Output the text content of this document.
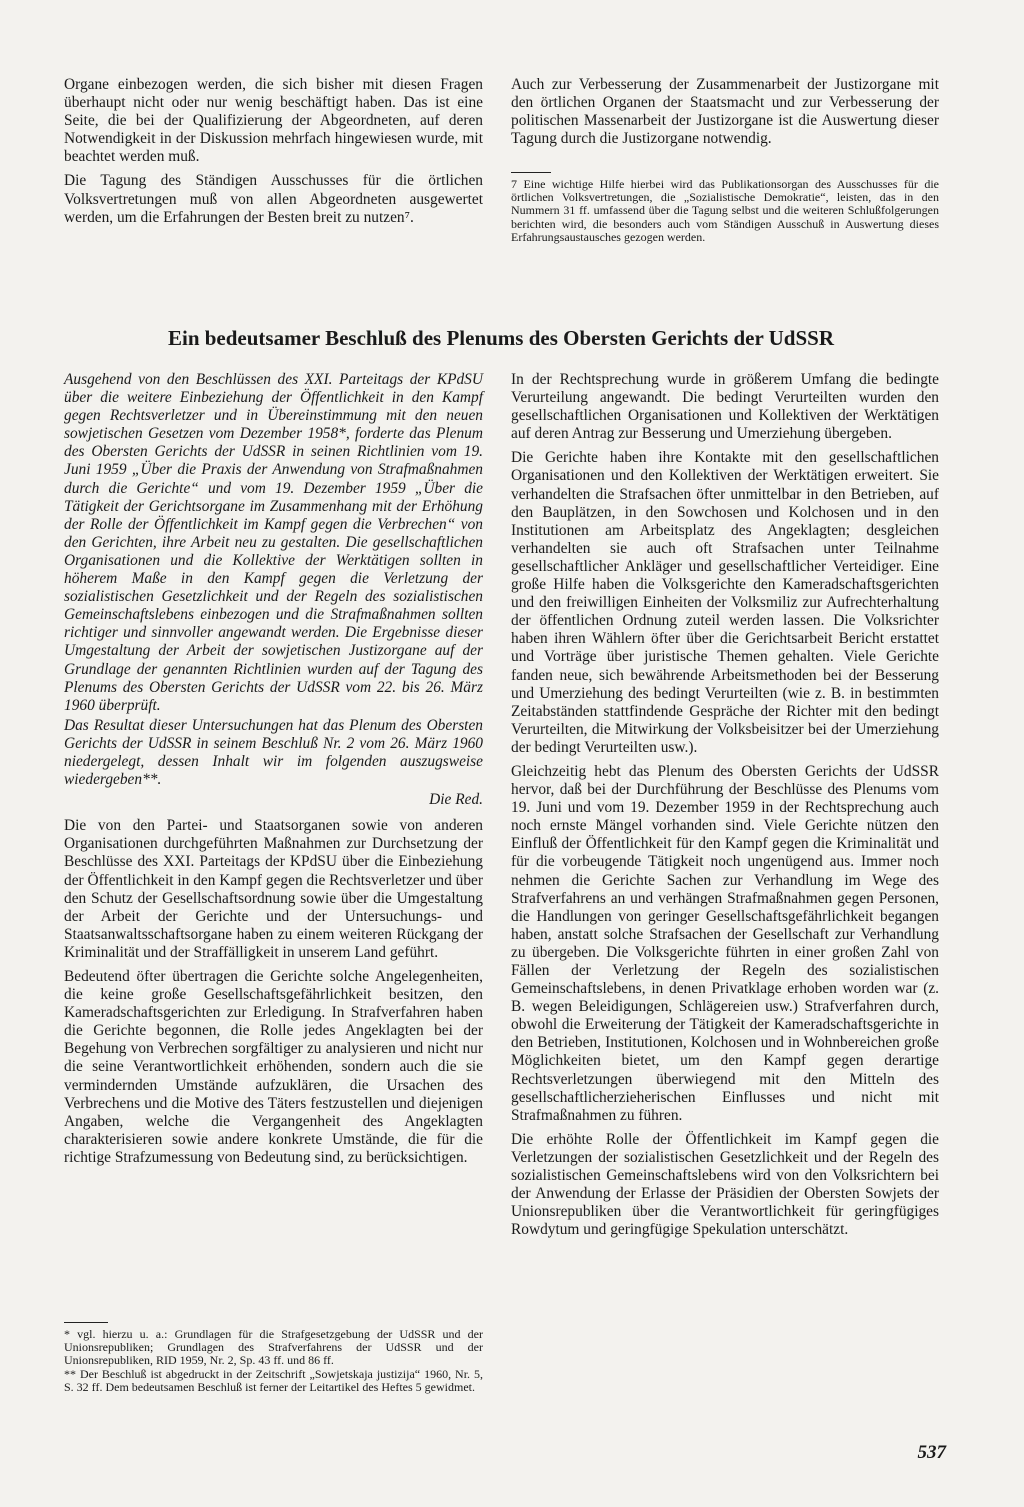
Organe einbezogen werden, die sich bisher mit diesen Fragen überhaupt nicht oder nur wenig beschäftigt haben. Das ist eine Seite, die bei der Qualifizierung der Abgeordneten, auf deren Notwendigkeit in der Diskussion mehrfach hingewiesen wurde, mit beachtet werden muß.

Die Tagung des Ständigen Ausschusses für die örtlichen Volksvertretungen muß von allen Abgeordneten ausgewertet werden, um die Erfahrungen der Besten breit zu nutzen⁷.

Auch zur Verbesserung der Zusammenarbeit der Justizorgane mit den örtlichen Organen der Staatsmacht und zur Verbesserung der politischen Massenarbeit der Justizorgane ist die Auswertung dieser Tagung durch die Justizorgane notwendig.

7 Eine wichtige Hilfe hierbei wird das Publikationsorgan des Ausschusses für die örtlichen Volksvertretungen, die „Sozialistische Demokratie“, leisten, das in den Nummern 31 ff. umfassend über die Tagung selbst und die weiteren Schlußfolgerungen berichten wird, die besonders auch vom Ständigen Ausschuß in Auswertung dieses Erfahrungsaustausches gezogen werden.

Ein bedeutsamer Beschluß des Plenums des Obersten Gerichts der UdSSR

Ausgehend von den Beschlüssen des XXI. Parteitags der KPdSU über die weitere Einbeziehung der Öffentlichkeit in den Kampf gegen Rechtsverletzer und in Übereinstimmung mit den neuen sowjetischen Gesetzen vom Dezember 1958*, forderte das Plenum des Obersten Gerichts der UdSSR in seinen Richtlinien vom 19. Juni 1959 „Über die Praxis der Anwendung von Strafmaßnahmen durch die Gerichte“ und vom 19. Dezember 1959 „Über die Tätigkeit der Gerichtsorgane im Zusammenhang mit der Erhöhung der Rolle der Öffentlichkeit im Kampf gegen die Verbrechen“ von den Gerichten, ihre Arbeit neu zu gestalten. Die gesellschaftlichen Organisationen und die Kollektive der Werktätigen sollten in höherem Maße in den Kampf gegen die Verletzung der sozialistischen Gesetzlichkeit und der Regeln des sozialistischen Gemeinschaftslebens einbezogen und die Strafmaßnahmen sollten richtiger und sinnvoller angewandt werden. Die Ergebnisse dieser Umgestaltung der Arbeit der sowjetischen Justizorgane auf der Grundlage der genannten Richtlinien wurden auf der Tagung des Plenums des Obersten Gerichts der UdSSR vom 22. bis 26. März 1960 überprüft.

Das Resultat dieser Untersuchungen hat das Plenum des Obersten Gerichts der UdSSR in seinem Beschluß Nr. 2 vom 26. März 1960 niedergelegt, dessen Inhalt wir im folgenden auszugsweise wiedergeben**.

Die Red.

Die von den Partei- und Staatsorganen sowie von anderen Organisationen durchgeführten Maßnahmen zur Durchsetzung der Beschlüsse des XXI. Parteitags der KPdSU über die Einbeziehung der Öffentlichkeit in den Kampf gegen die Rechtsverletzer und über den Schutz der Gesellschaftsordnung sowie über die Umgestaltung der Arbeit der Gerichte und der Untersuchungs- und Staatsanwaltsschaftsorgane haben zu einem weiteren Rückgang der Kriminalität und der Straffälligkeit in unserem Land geführt.

Bedeutend öfter übertragen die Gerichte solche Angelegenheiten, die keine große Gesellschaftsgefährlichkeit besitzen, den Kameradschaftsgerichten zur Erledigung. In Strafverfahren haben die Gerichte begonnen, die Rolle jedes Angeklagten bei der Begehung von Verbrechen sorgfältiger zu analysieren und nicht nur die seine Verantwortlichkeit erhöhenden, sondern auch die sie vermindernden Umstände aufzuklären, die Ursachen des Verbrechens und die Motive des Täters festzustellen und diejenigen Angaben, welche die Vergangenheit des Angeklagten charakterisieren sowie andere konkrete Umstände, die für die richtige Strafzumessung von Bedeutung sind, zu berücksichtigen.

* vgl. hierzu u. a.: Grundlagen für die Strafgesetzgebung der UdSSR und der Unionsrepubliken; Grundlagen des Strafverfahrens der UdSSR und der Unionsrepubliken, RID 1959, Nr. 2, Sp. 43 ff. und 86 ff.

** Der Beschluß ist abgedruckt in der Zeitschrift „Sowjetskaja justizija“ 1960, Nr. 5, S. 32 ff. Dem bedeutsamen Beschluß ist ferner der Leitartikel des Heftes 5 gewidmet.

In der Rechtsprechung wurde in größerem Umfang die bedingte Verurteilung angewandt. Die bedingt Verurteilten wurden den gesellschaftlichen Organisationen und Kollektiven der Werktätigen auf deren Antrag zur Besserung und Umerziehung übergeben.

Die Gerichte haben ihre Kontakte mit den gesellschaftlichen Organisationen und den Kollektiven der Werktätigen erweitert. Sie verhandelten die Strafsachen öfter unmittelbar in den Betrieben, auf den Bauplätzen, in den Sowchosen und Kolchosen und in den Institutionen am Arbeitsplatz des Angeklagten; desgleichen verhandelten sie auch oft Strafsachen unter Teilnahme gesellschaftlicher Ankläger und gesellschaftlicher Verteidiger. Eine große Hilfe haben die Volksgerichte den Kameradschaftsgerichten und den freiwilligen Einheiten der Volksmiliz zur Aufrechterhaltung der öffentlichen Ordnung zuteil werden lassen. Die Volksrichter haben ihren Wählern öfter über die Gerichtsarbeit Bericht erstattet und Vorträge über juristische Themen gehalten. Viele Gerichte fanden neue, sich bewährende Arbeitsmethoden bei der Besserung und Umerziehung des bedingt Verurteilten (wie z. B. in bestimmten Zeitabständen stattfindende Gespräche der Richter mit den bedingt Verurteilten, die Mitwirkung der Volksbeisitzer bei der Umerziehung der bedingt Verurteilten usw.).

Gleichzeitig hebt das Plenum des Obersten Gerichts der UdSSR hervor, daß bei der Durchführung der Beschlüsse des Plenums vom 19. Juni und vom 19. Dezember 1959 in der Rechtsprechung auch noch ernste Mängel vorhanden sind. Viele Gerichte nützen den Einfluß der Öffentlichkeit für den Kampf gegen die Kriminalität und für die vorbeugende Tätigkeit noch ungenügend aus. Immer noch nehmen die Gerichte Sachen zur Verhandlung im Wege des Strafverfahrens an und verhängen Strafmaßnahmen gegen Personen, die Handlungen von geringer Gesellschaftsgefährlichkeit begangen haben, anstatt solche Strafsachen der Gesellschaft zur Verhandlung zu übergeben. Die Volksgerichte führten in einer großen Zahl von Fällen der Verletzung der Regeln des sozialistischen Gemeinschaftslebens, in denen Privatklage erhoben worden war (z. B. wegen Beleidigungen, Schlägereien usw.) Strafverfahren durch, obwohl die Erweiterung der Tätigkeit der Kameradschaftsgerichte in den Betrieben, Institutionen, Kolchosen und in Wohnbereichen große Möglichkeiten bietet, um den Kampf gegen derartige Rechtsverletzungen überwiegend mit den Mitteln des gesellschaftlicherzieherischen Einflusses und nicht mit Strafmaßnahmen zu führen.

Die erhöhte Rolle der Öffentlichkeit im Kampf gegen die Verletzungen der sozialistischen Gesetzlichkeit und der Regeln des sozialistischen Gemeinschaftslebens wird von den Volksrichtern bei der Anwendung der Erlasse der Präsidien der Obersten Sowjets der Unionsrepubliken über die Verantwortlichkeit für geringfügiges Rowdytum und geringfügige Spekulation unterschätzt.

537
